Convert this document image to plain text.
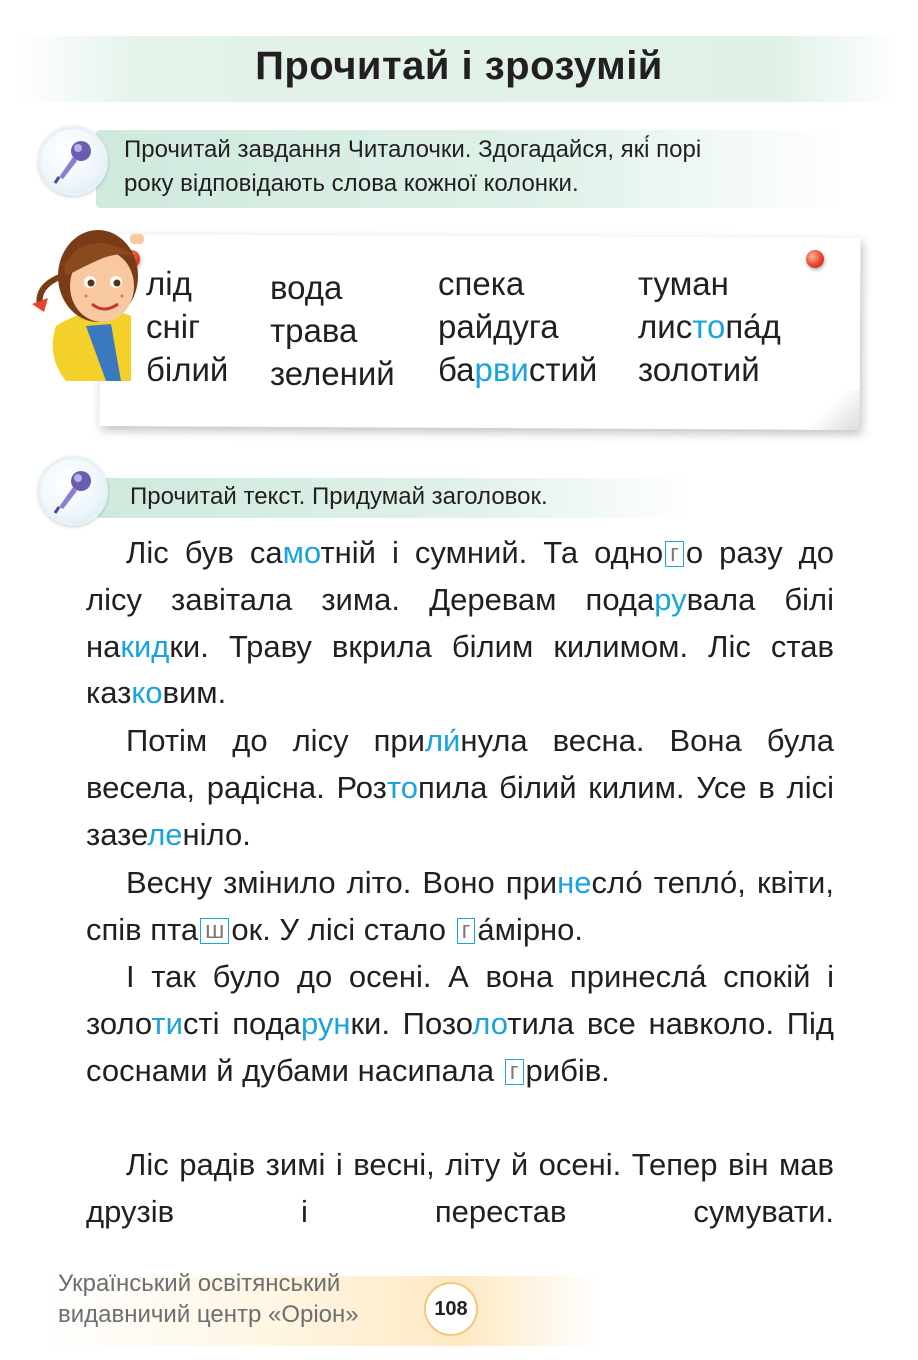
Прочитай і зрозумій
Прочитай завдання Читалочки. Здогадайся, які́ порі
року відповідають слова кожної колонки.
лід
сніг
білий
вода
трава
зелений
спека
райдуга
барвистий
туман
листопа́д
золотий
Прочитай текст. Придумай заголовок.
Ліс був самотній і сумний. Та одно г о разу до лісу завітала зима. Деревам подарувала білі накидки. Траву вкрила білим килимом. Ліс став казковим.
Потім до лісу прили́нула весна. Вона була весела, радісна. Розтопила білий килим. Усе в лісі зазеленіло.
Весну змінило літо. Воно принесло́ тепло́, квіти, спів пта ш ок. У лісі стало г а́мірно.
І так було до осені. А вона принесла́ спокій і золотисті подарунки. Позолотила все навколо. Під соснами й дубами насипала г рибів.
Ліс радів зимі і весні, літу й осені. Тепер він мав друзів і перестав сумувати.
Український освітянський
видавничий центр «Оріон»	108
